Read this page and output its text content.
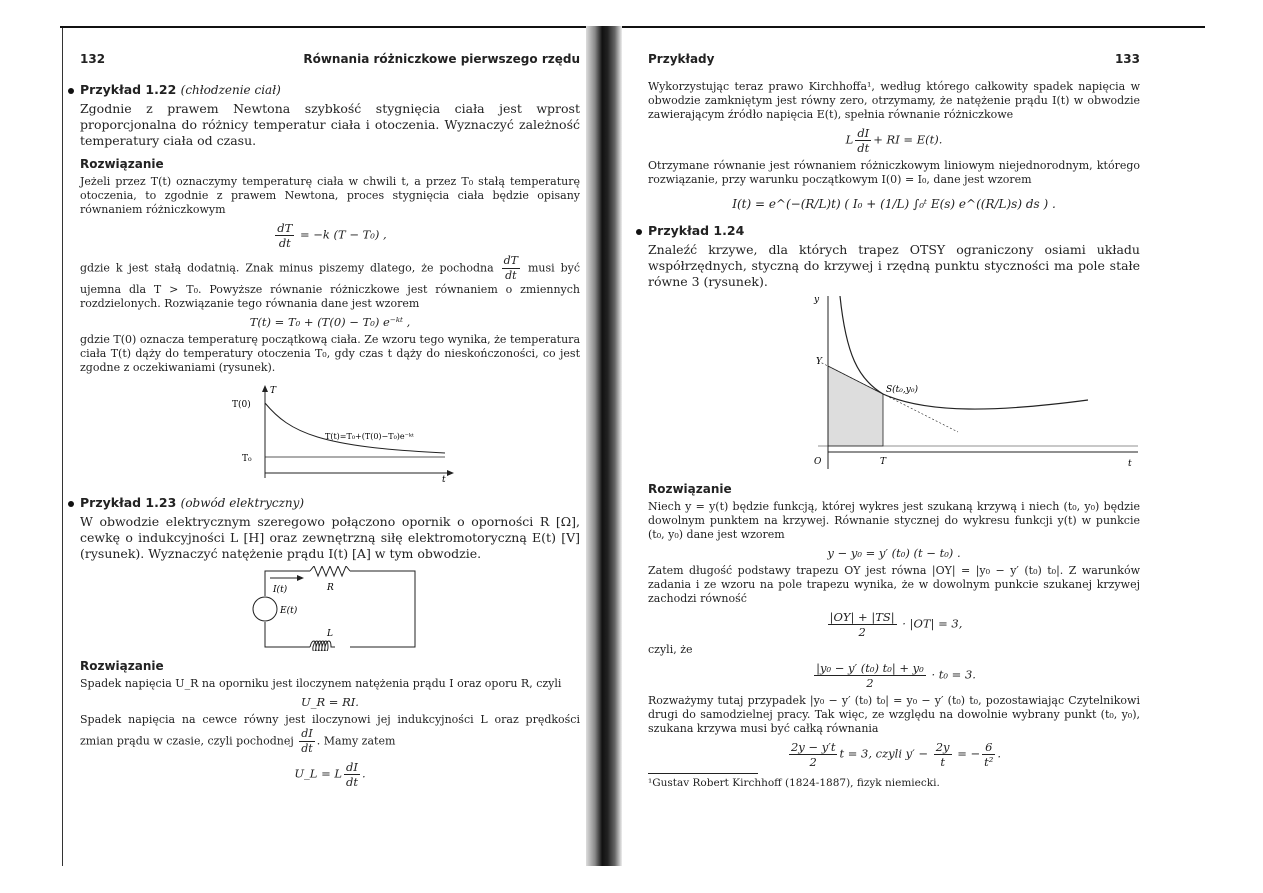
132	Równania różniczkowe pierwszego rzędu
Przykład 1.22 (chłodzenie ciał)

Zgodnie z prawem Newtona szybkość stygnięcia ciała jest wprost proporcjonalna do różnicy temperatur ciała i otoczenia. Wyznaczyć zależność temperatury ciała od czasu.

Rozwiązanie

Jeżeli przez T(t) oznaczymy temperaturę ciała w chwili t, a przez T₀ stałą temperaturę otoczenia, to zgodnie z prawem Newtona, proces stygnięcia ciała będzie opisany równaniem różniczkowym

$\frac{dT}{dt} = -k$ (T − T₀) ,

gdzie k jest stałą dodatnią. Znak minus piszemy dlatego, że pochodna $\frac{dT}{dt}$ musi być ujemna dla T > T₀. Powyższe równanie różniczkowe jest równaniem o zmiennych rozdzielonych. Rozwiązanie tego równania dane jest wzorem

T(t) = T₀ + (T(0) − T₀) e⁻ᵏᵗ ,

gdzie T(0) oznacza temperaturę początkową ciała. Ze wzoru tego wynika, że temperatura ciała T(t) dąży do temperatury otoczenia T₀, gdy czas t dąży do nieskończoności, co jest zgodne z oczekiwaniami (rysunek).

T
t
T(0)
T₀
T(t)=T₀+(T(0)−T₀)e⁻ᵏᵗ
Przykład 1.23 (obwód elektryczny)

W obwodzie elektrycznym szeregowo połączono opornik o oporności R [Ω], cewkę o indukcyjności L [H] oraz zewnętrzną siłę elektromotoryczną E(t) [V] (rysunek). Wyznaczyć natężenie prądu I(t) [A] w tym obwodzie.

I(t)	R
E(t)
L
Rozwiązanie

Spadek napięcia U_R na oporniku jest iloczynem natężenia prądu I oraz oporu R, czyli

U_R = RI.

Spadek napięcia na cewce równy jest iloczynowi jej indukcyjności L oraz prędkości zmian prądu w czasie, czyli pochodnej $\frac{dI}{dt}$ . Mamy zatem

U_L = L $\frac{dI}{dt}$ .
Przykłady	133

Wykorzystując teraz prawo Kirchhoffa¹, według którego całkowity spadek napięcia w obwodzie zamkniętym jest równy zero, otrzymamy, że natężenie prądu I(t) w obwodzie zawierającym źródło napięcia E(t), spełnia równanie różniczkowe

L $\frac{dI}{dt}$ + RI = E(t).

Otrzymane równanie jest równaniem różniczkowym liniowym niejednorodnym, którego rozwiązanie, przy warunku początkowym I(0) = I₀, dane jest wzorem

I(t) = e^(−(R/L)t) ( I₀ + (1/L) ∫₀ᵗ E(s) e^((R/L)s) ds ) .
Przykład 1.24

Znaleźć krzywe, dla których trapez OTSY ograniczony osiami układu współrzędnych, styczną do krzywej i rzędną punktu styczności ma pole stałe równe 3 (rysunek).

y
t
O	T
Y
S(t₀,y₀)
Rozwiązanie

Niech y = y(t) będzie funkcją, której wykres jest szukaną krzywą i niech (t₀, y₀) będzie dowolnym punktem na krzywej. Równanie stycznej do wykresu funkcji y(t) w punkcie (t₀, y₀) dane jest wzorem

y − y₀ = y′ (t₀) (t − t₀) .

Zatem długość podstawy trapezu OY jest równa |OY| = |y₀ − y′ (t₀) t₀|. Z warunków zadania i ze wzoru na pole trapezu wynika, że w dowolnym punkcie szukanej krzywej zachodzi równość

$\frac{|OY| + |TS|}{2} \cdot |OT| = 3$,

czyli, że

$\frac{\text{|y₀ − y′ (t₀) t₀| + y₀}}{2} \cdot t_0 = 3$.

Rozważymy tutaj przypadek |y₀ − y′ (t₀) t₀| = y₀ − y′ (t₀) t₀, pozostawiając Czytelnikowi drugi do samodzielnej pracy. Tak więc, ze względu na dowolnie wybrany punkt (t₀, y₀), szukana krzywa musi być całką równania

$\frac{2y - y't}{2}$ t = 3, czyli $y' - \frac{2y}{t}$ = − $\frac{6}{\text{t²}}$ .

¹Gustav Robert Kirchhoff (1824-1887), fizyk niemiecki.
